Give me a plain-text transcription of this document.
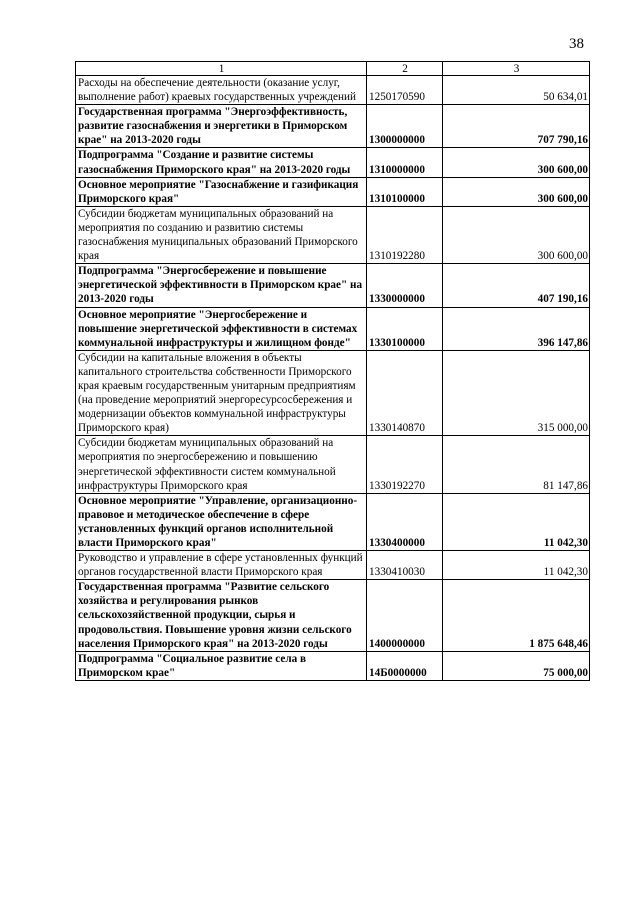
38
1	2	3
Расходы на обеспечение деятельности (оказание услуг, выполнение работ) краевых государственных учреждений	1250170590	50 634,01
Государственная программа "Энергоэффективность, развитие газоснабжения и энергетики в Приморском крае" на 2013-2020 годы	1300000000	707 790,16
Подпрограмма "Создание и развитие системы газоснабжения Приморского края" на 2013-2020 годы	1310000000	300 600,00
Основное мероприятие "Газоснабжение и газификация Приморского края"	1310100000	300 600,00
Субсидии бюджетам муниципальных образований на мероприятия по созданию и развитию системы газоснабжения муниципальных образований Приморского края	1310192280	300 600,00
Подпрограмма "Энергосбережение и повышение энергетической эффективности в Приморском крае" на 2013-2020 годы	1330000000	407 190,16
Основное мероприятие "Энергосбережение и повышение энергетической эффективности в системах коммунальной инфраструктуры и жилищном фонде"	1330100000	396 147,86
Субсидии на капитальные вложения в объекты капитального строительства собственности Приморского края краевым государственным унитарным предприятиям (на проведение мероприятий энергоресурсосбережения и модернизации объектов коммунальной инфраструктуры Приморского края)	1330140870	315 000,00
Субсидии бюджетам муниципальных образований на мероприятия по энергосбережению и повышению энергетической эффективности систем коммунальной инфраструктуры Приморского края	1330192270	81 147,86
Основное мероприятие "Управление, организационно-правовое и методическое обеспечение в сфере установленных функций органов исполнительной власти Приморского края"	1330400000	11 042,30
Руководство и управление в сфере установленных функций органов государственной власти Приморского края	1330410030	11 042,30
Государственная программа "Развитие сельского хозяйства и регулирования рынков сельскохозяйственной продукции, сырья и продовольствия. Повышение уровня жизни сельского населения Приморского края" на 2013-2020 годы	1400000000	1 875 648,46
Подпрограмма "Социальное развитие села в Приморском крае"	14Б0000000	75 000,00
